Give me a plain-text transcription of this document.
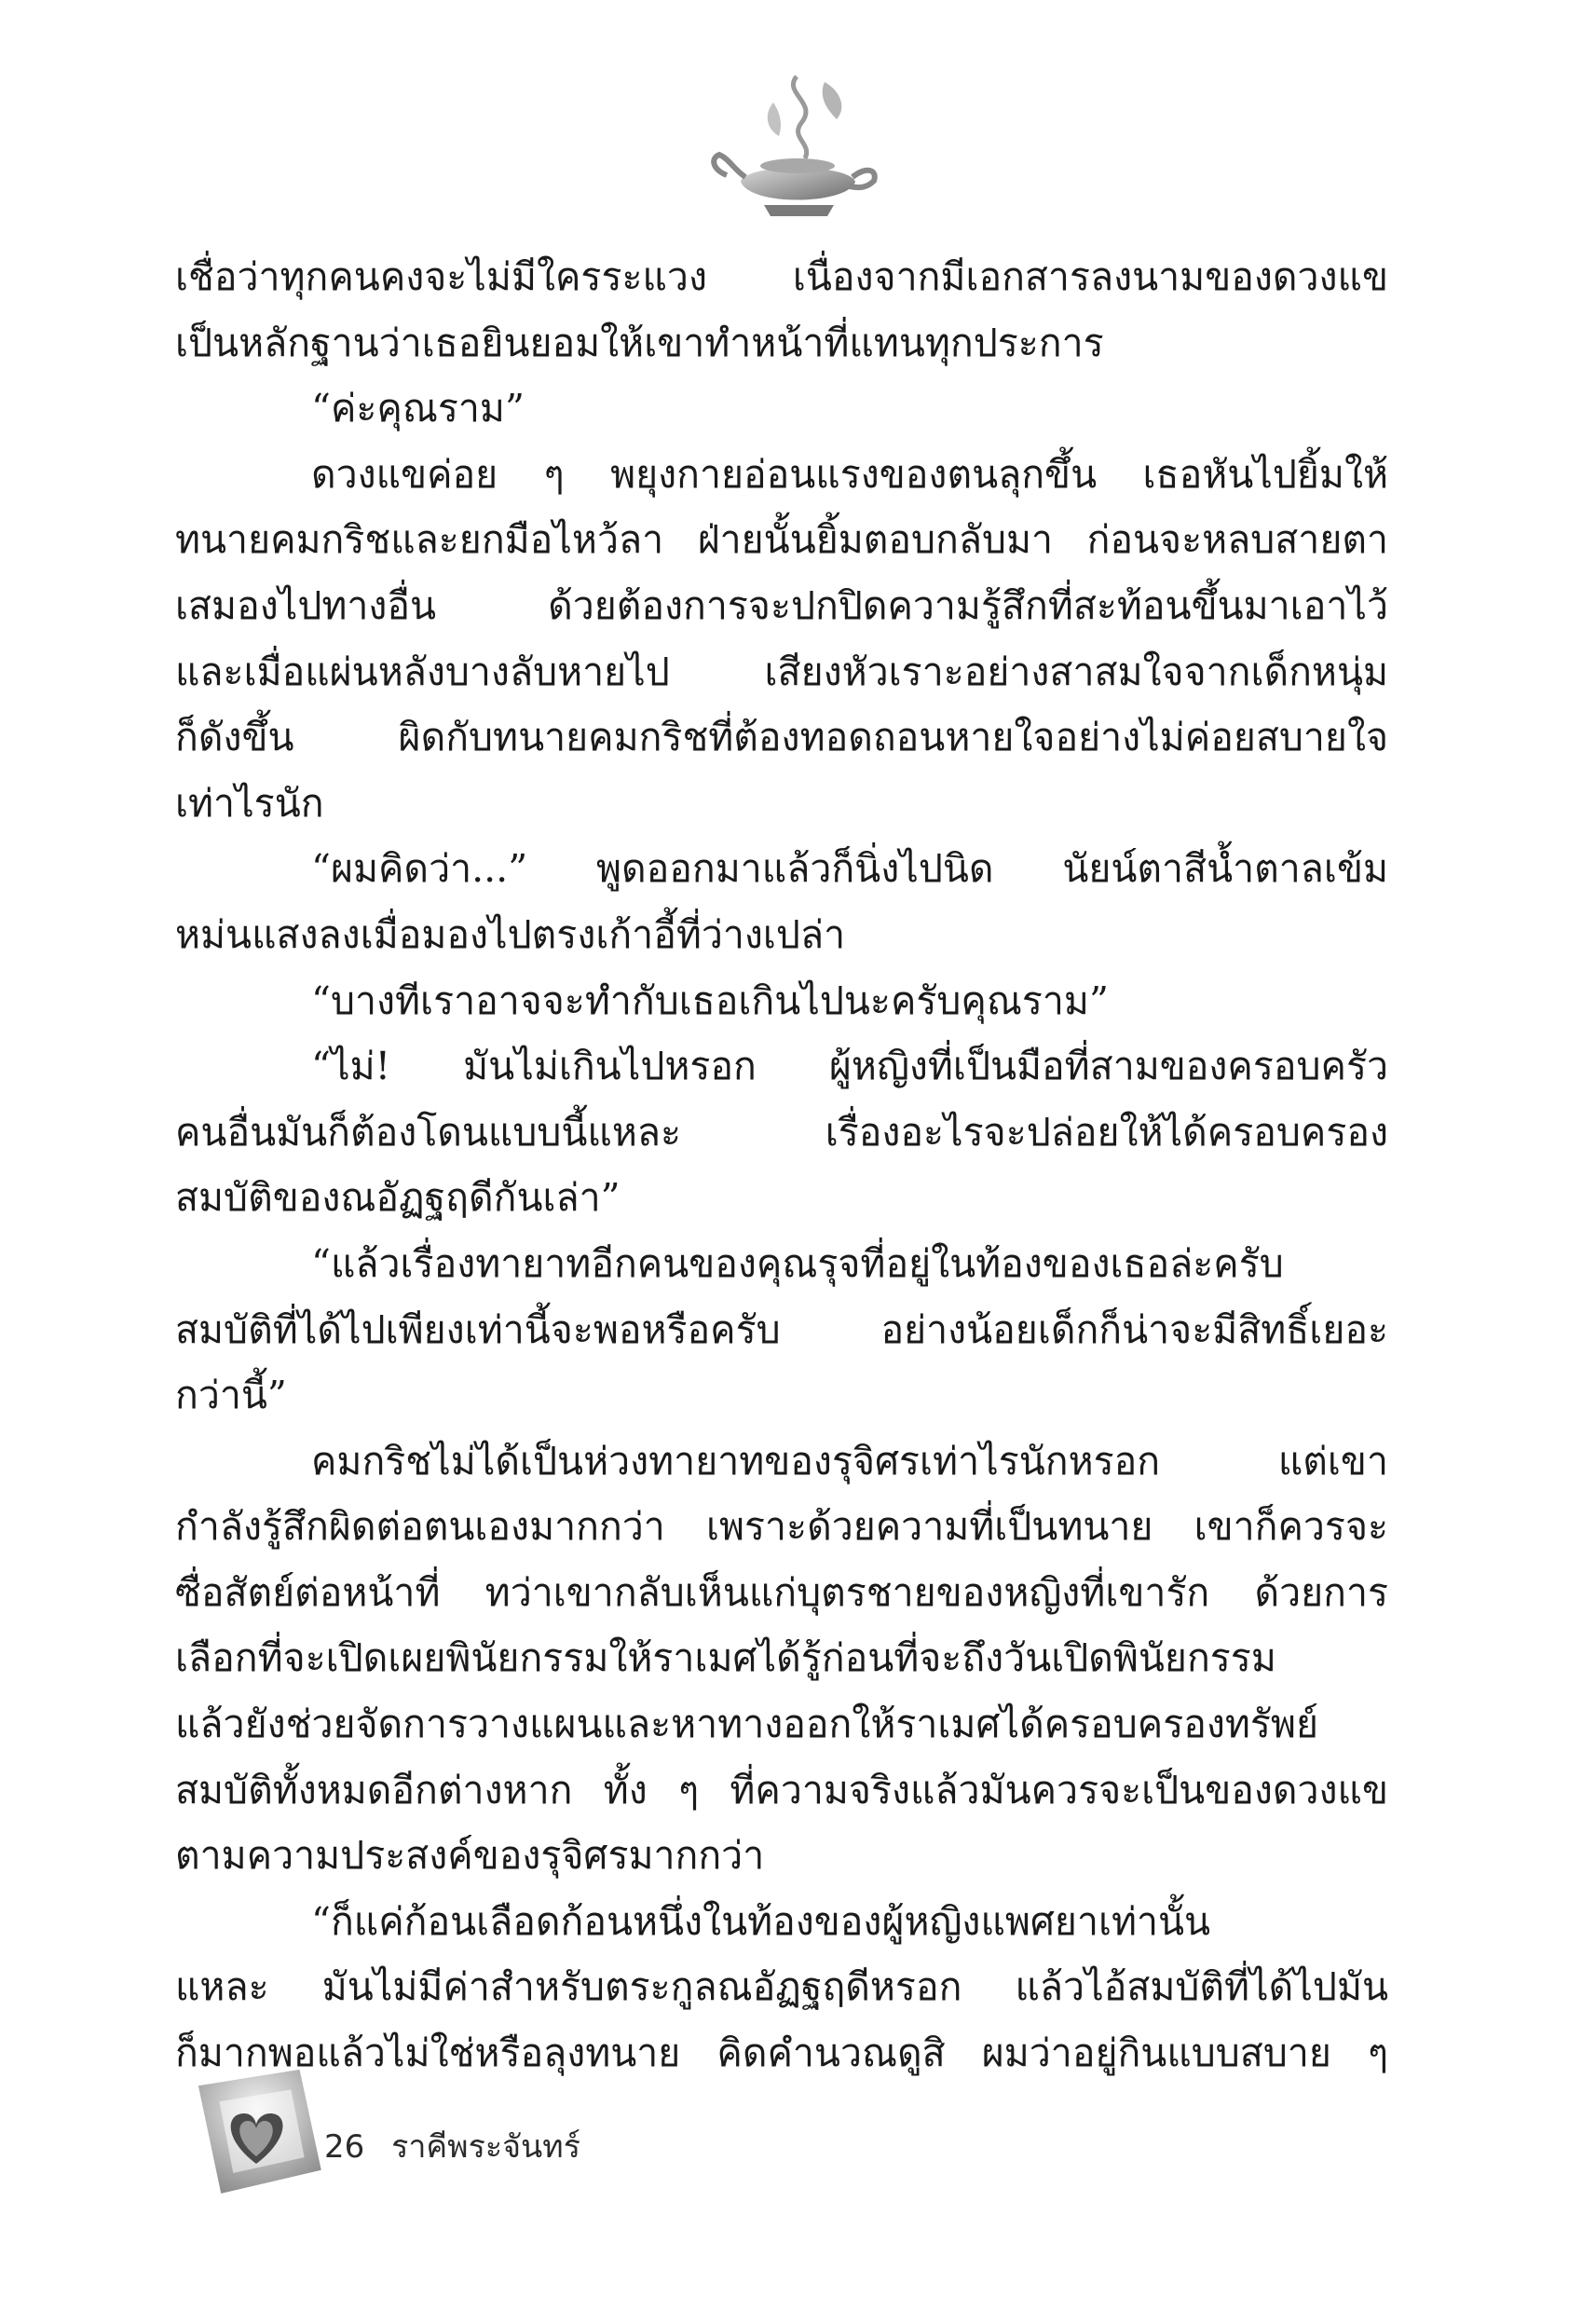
เชื่อว่าทุกคนคงจะไม่มีใครระแวง เนื่องจากมีเอกสารลงนามของดวงแข
เป็นหลักฐานว่าเธอยินยอมให้เขาทำหน้าที่แทนทุกประการ
“ค่ะคุณราม”
ดวงแขค่อย ๆ พยุงกายอ่อนแรงของตนลุกขึ้น เธอหันไปยิ้มให้
ทนายคมกริชและยกมือไหว้ลา ฝ่ายนั้นยิ้มตอบกลับมา ก่อนจะหลบสายตา
เสมองไปทางอื่น ด้วยต้องการจะปกปิดความรู้สึกที่สะท้อนขึ้นมาเอาไว้
และเมื่อแผ่นหลังบางลับหายไป เสียงหัวเราะอย่างสาสมใจจากเด็กหนุ่ม
ก็ดังขึ้น ผิดกับทนายคมกริชที่ต้องทอดถอนหายใจอย่างไม่ค่อยสบายใจ
เท่าไรนัก
“ผมคิดว่า...” พูดออกมาแล้วก็นิ่งไปนิด นัยน์ตาสีน้ำตาลเข้ม
หม่นแสงลงเมื่อมองไปตรงเก้าอี้ที่ว่างเปล่า
“บางทีเราอาจจะทำกับเธอเกินไปนะครับคุณราม”
“ไม่! มันไม่เกินไปหรอก ผู้หญิงที่เป็นมือที่สามของครอบครัว
คนอื่นมันก็ต้องโดนแบบนี้แหละ เรื่องอะไรจะปล่อยให้ได้ครอบครอง
สมบัติของณอัฏฐฤดีกันเล่า”
“แล้วเรื่องทายาทอีกคนของคุณรุจที่อยู่ในท้องของเธอล่ะครับ
สมบัติที่ได้ไปเพียงเท่านี้จะพอหรือครับ อย่างน้อยเด็กก็น่าจะมีสิทธิ์เยอะ
กว่านี้”
คมกริชไม่ได้เป็นห่วงทายาทของรุจิศรเท่าไรนักหรอก แต่เขา
กำลังรู้สึกผิดต่อตนเองมากกว่า เพราะด้วยความที่เป็นทนาย เขาก็ควรจะ
ซื่อสัตย์ต่อหน้าที่ ทว่าเขากลับเห็นแก่บุตรชายของหญิงที่เขารัก ด้วยการ
เลือกที่จะเปิดเผยพินัยกรรมให้ราเมศได้รู้ก่อนที่จะถึงวันเปิดพินัยกรรม
แล้วยังช่วยจัดการวางแผนและหาทางออกให้ราเมศได้ครอบครองทรัพย์
สมบัติทั้งหมดอีกต่างหาก ทั้ง ๆ ที่ความจริงแล้วมันควรจะเป็นของดวงแข
ตามความประสงค์ของรุจิศรมากกว่า
“ก็แค่ก้อนเลือดก้อนหนึ่งในท้องของผู้หญิงแพศยาเท่านั้น
แหละ มันไม่มีค่าสำหรับตระกูลณอัฏฐฤดีหรอก แล้วไอ้สมบัติที่ได้ไปมัน
ก็มากพอแล้วไม่ใช่หรือลุงทนาย คิดคำนวณดูสิ ผมว่าอยู่กินแบบสบาย ๆ
26 ราคีพระจันทร์
